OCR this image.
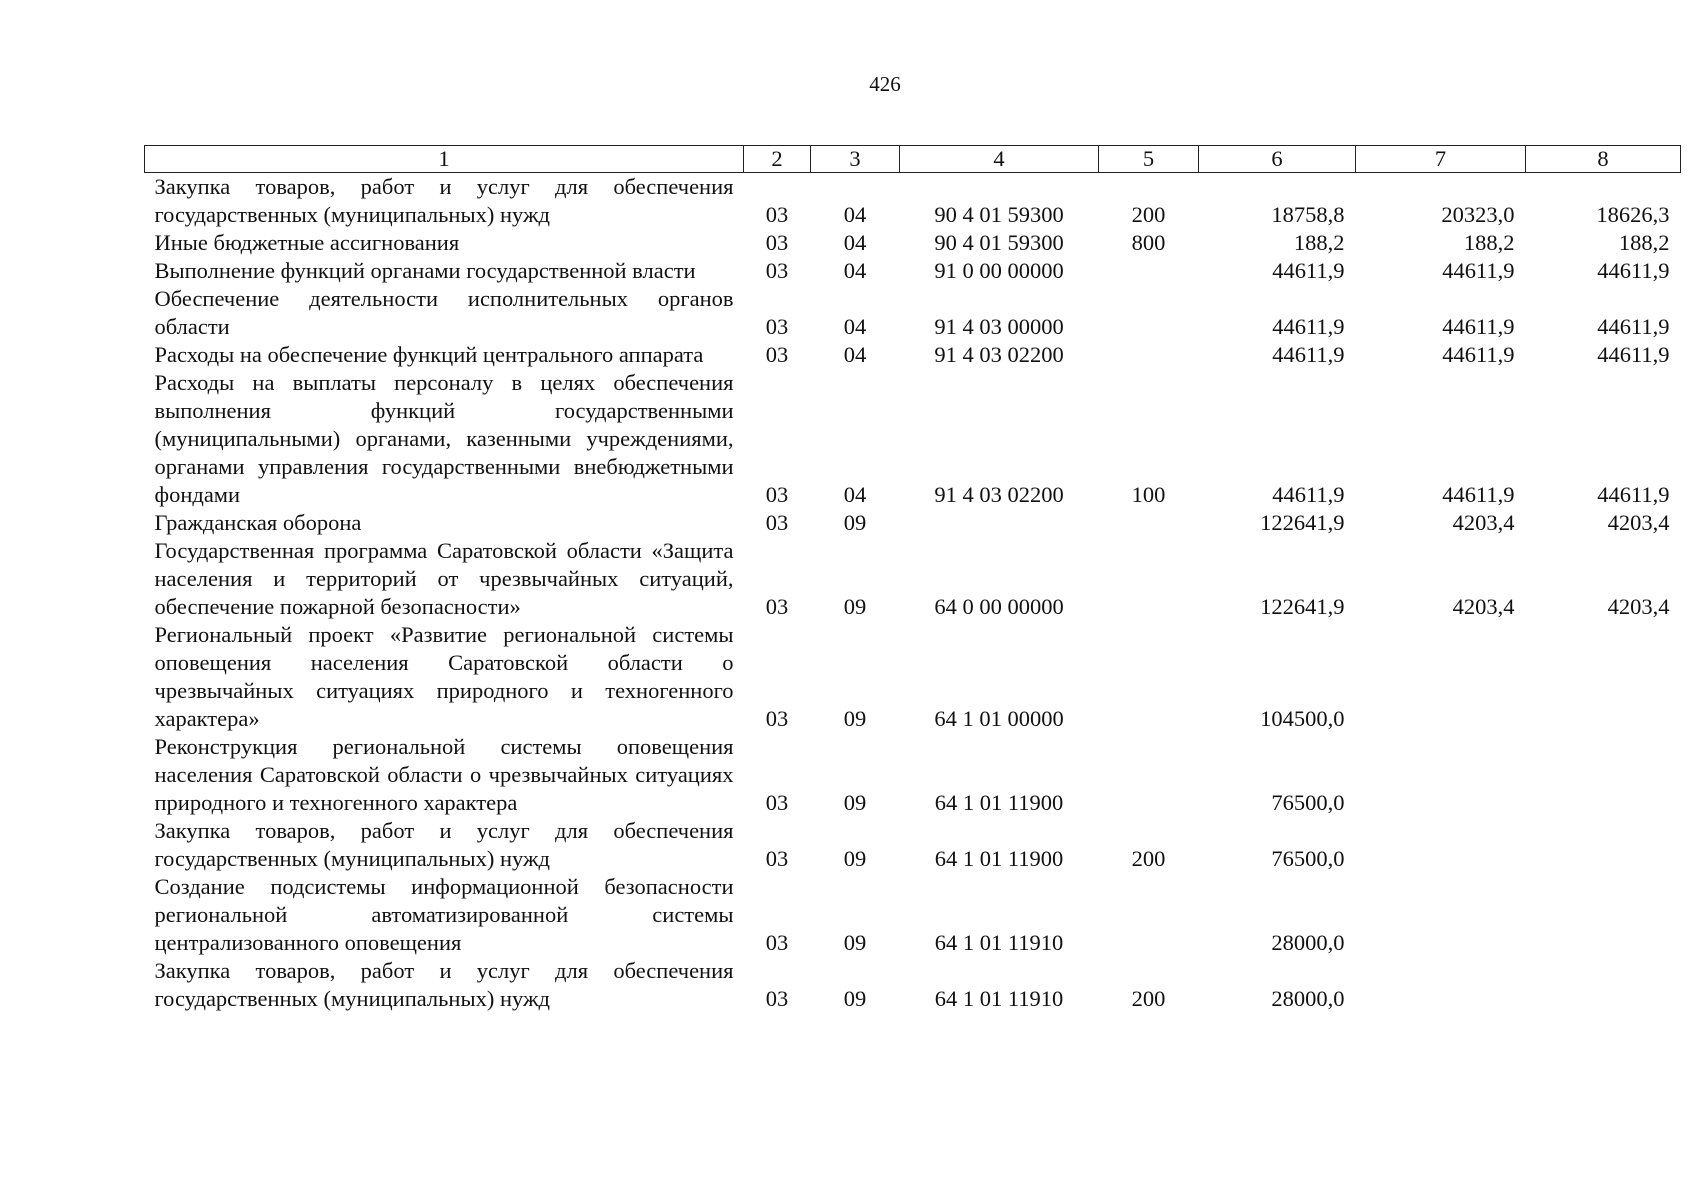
426
1	2	3	4	5	6	7	8
Закупка товаров, работ и услуг для обеспечения государственных (муниципальных) нужд	03	04	90 4 01 59300	200	18758,8	20323,0	18626,3
Иные бюджетные ассигнования	03	04	90 4 01 59300	800	188,2	188,2	188,2
Выполнение функций органами государственной власти	03	04	91 0 00 00000		44611,9	44611,9	44611,9
Обеспечение деятельности исполнительных органов области	03	04	91 4 03 00000		44611,9	44611,9	44611,9
Расходы на обеспечение функций центрального аппарата	03	04	91 4 03 02200		44611,9	44611,9	44611,9
Расходы на выплаты персоналу в целях обеспечения выполнения функций государственными (муниципальными) органами, казенными учреждениями, органами управления государственными внебюджетными фондами	03	04	91 4 03 02200	100	44611,9	44611,9	44611,9
Гражданская оборона	03	09			122641,9	4203,4	4203,4
Государственная программа Саратовской области «Защита населения и территорий от чрезвычайных ситуаций, обеспечение пожарной безопасности»	03	09	64 0 00 00000		122641,9	4203,4	4203,4
Региональный проект «Развитие региональной системы оповещения населения Саратовской области о чрезвычайных ситуациях природного и техногенного характера»	03	09	64 1 01 00000		104500,0		
Реконструкция региональной системы оповещения населения Саратовской области о чрезвычайных ситуациях природного и техногенного характера	03	09	64 1 01 11900		76500,0		
Закупка товаров, работ и услуг для обеспечения государственных (муниципальных) нужд	03	09	64 1 01 11900	200	76500,0		
Создание подсистемы информационной безопасности региональной автоматизированной системы централизованного оповещения	03	09	64 1 01 11910		28000,0		
Закупка товаров, работ и услуг для обеспечения государственных (муниципальных) нужд	03	09	64 1 01 11910	200	28000,0		
